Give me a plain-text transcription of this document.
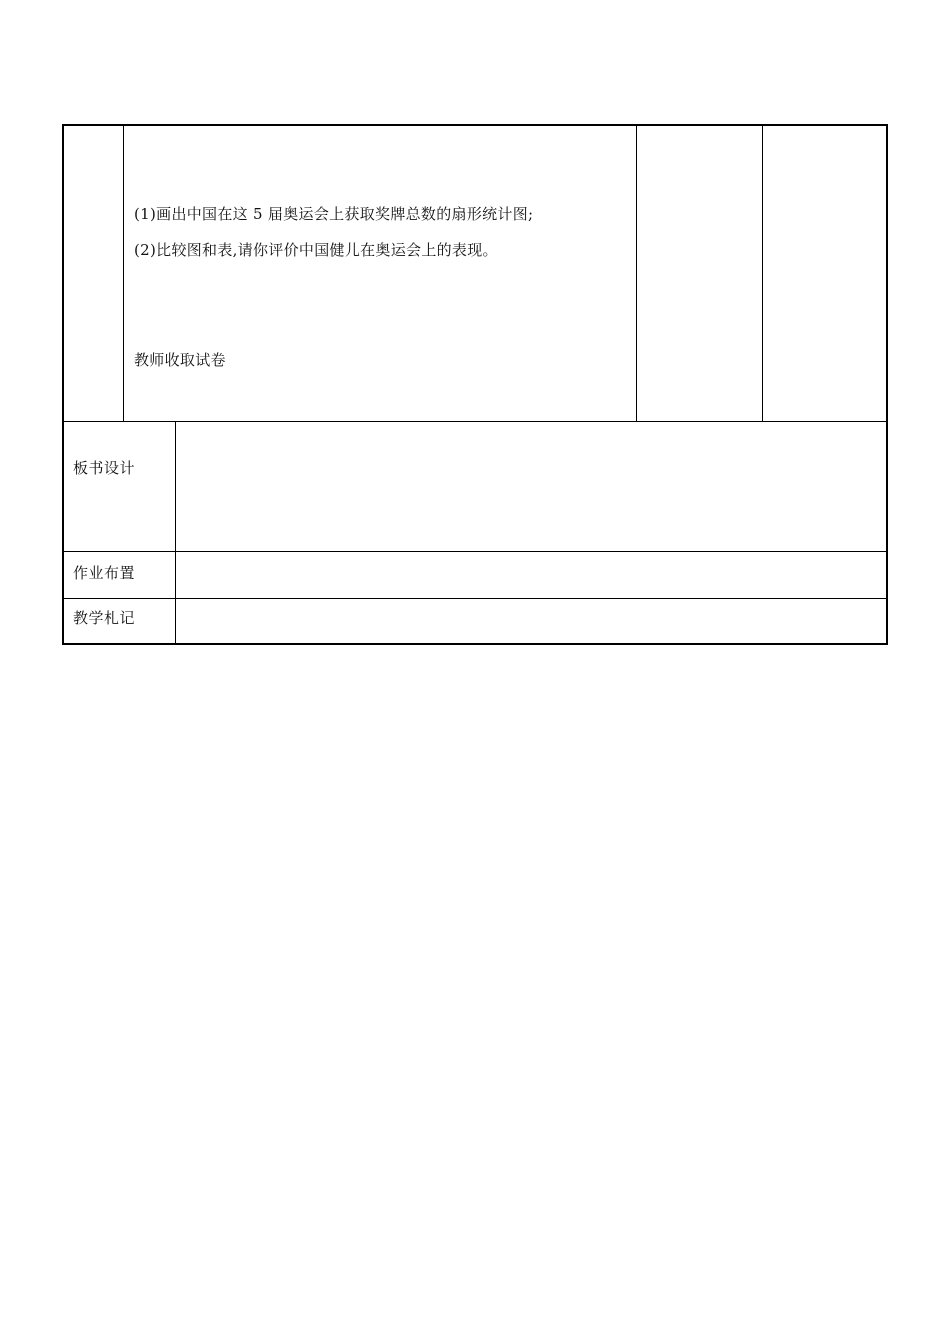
(1)画出中国在这 5 届奥运会上获取奖牌总数的扇形统计图;
(2)比较图和表,请你评价中国健儿在奥运会上的表现。
教师收取试卷
板书设计
作业布置
教学札记
